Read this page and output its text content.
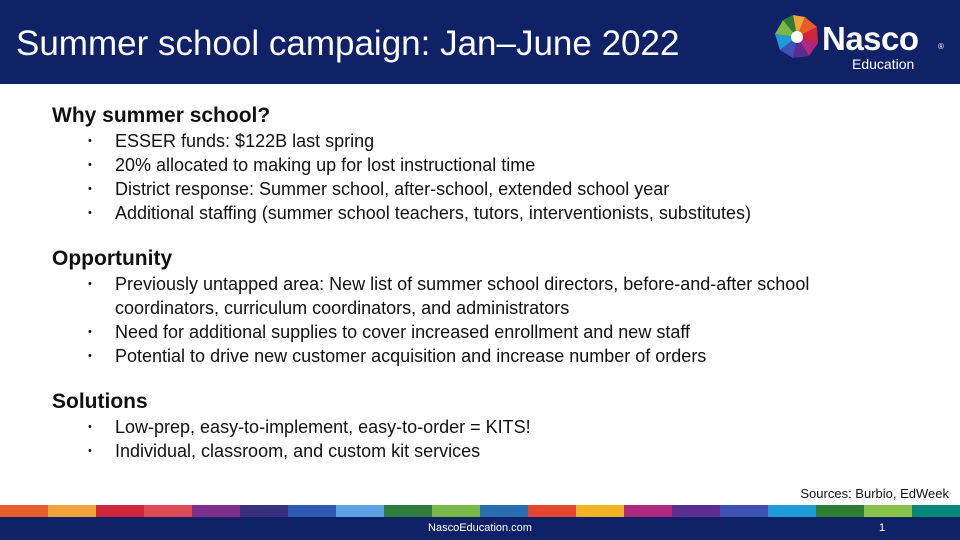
Summer school campaign: Jan–June 2022	Nasco ®
Education
Why summer school?
• ESSER funds: $122B last spring
• 20% allocated to making up for lost instructional time
• District response: Summer school, after-school, extended school year
• Additional staffing (summer school teachers, tutors, interventionists, substitutes)
Opportunity
• Previously untapped area: New list of summer school directors, before-and-after school coordinators, curriculum coordinators, and administrators
• Need for additional supplies to cover increased enrollment and new staff
• Potential to drive new customer acquisition and increase number of orders
Solutions
• Low-prep, easy-to-implement, easy-to-order = KITS!
• Individual, classroom, and custom kit services
Sources: Burbio, EdWeek
NascoEducation.com	1
